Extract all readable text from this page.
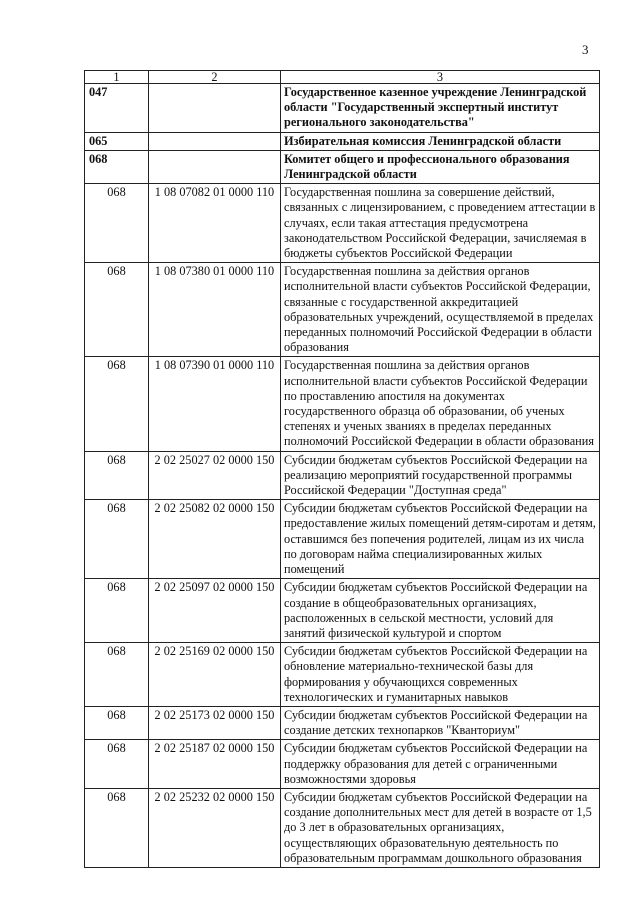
3
1	2	3
047		Государственное казенное учреждение Ленинградской области "Государственный экспертный институт регионального законодательства"
065		Избирательная комиссия Ленинградской области
068		Комитет общего и профессионального образования Ленинградской области
068	1 08 07082 01 0000 110	Государственная пошлина за совершение действий, связанных с лицензированием, с проведением аттестации в случаях, если такая аттестация предусмотрена законодательством Российской Федерации, зачисляемая в бюджеты субъектов Российской Федерации
068	1 08 07380 01 0000 110	Государственная пошлина за действия органов исполнительной власти субъектов Российской Федерации, связанные с государственной аккредитацией образовательных учреждений, осуществляемой в пределах переданных полномочий Российской Федерации в области образования
068	1 08 07390 01 0000 110	Государственная пошлина за действия органов исполнительной власти субъектов Российской Федерации по проставлению апостиля на документах государственного образца об образовании, об ученых степенях и ученых званиях в пределах переданных полномочий Российской Федерации в области образования
068	2 02 25027 02 0000 150	Субсидии бюджетам субъектов Российской Федерации на реализацию мероприятий государственной программы Российской Федерации "Доступная среда"
068	2 02 25082 02 0000 150	Субсидии бюджетам субъектов Российской Федерации на предоставление жилых помещений детям-сиротам и детям, оставшимся без попечения родителей, лицам из их числа по договорам найма специализированных жилых помещений
068	2 02 25097 02 0000 150	Субсидии бюджетам субъектов Российской Федерации на создание в общеобразовательных организациях, расположенных в сельской местности, условий для занятий физической культурой и спортом
068	2 02 25169 02 0000 150	Субсидии бюджетам субъектов Российской Федерации на обновление материально-технической базы для формирования у обучающихся современных технологических и гуманитарных навыков
068	2 02 25173 02 0000 150	Субсидии бюджетам субъектов Российской Федерации на создание детских технопарков "Кванториум"
068	2 02 25187 02 0000 150	Субсидии бюджетам субъектов Российской Федерации на поддержку образования для детей с ограниченными возможностями здоровья
068	2 02 25232 02 0000 150	Субсидии бюджетам субъектов Российской Федерации на создание дополнительных мест для детей в возрасте от 1,5 до 3 лет в образовательных организациях, осуществляющих образовательную деятельность по образовательным программам дошкольного образования
